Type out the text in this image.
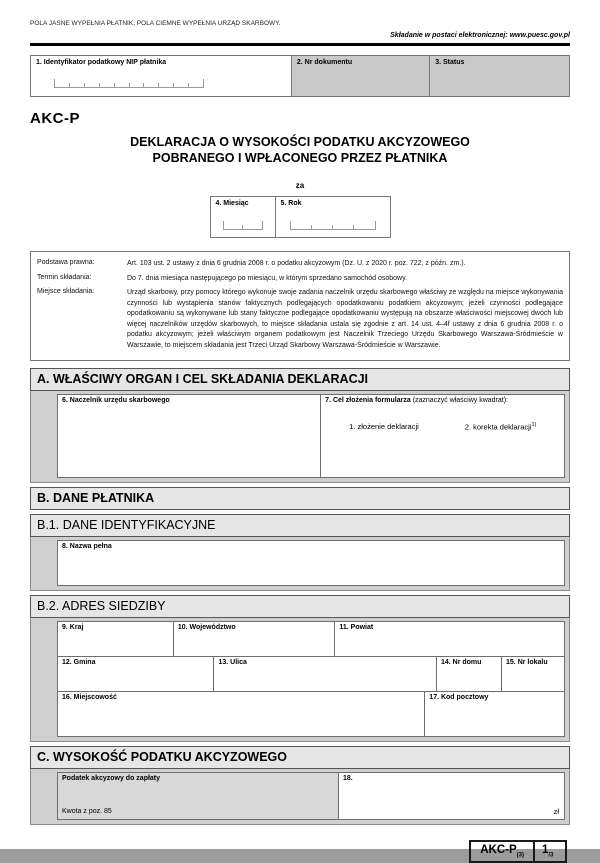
POLA JASNE WYPEŁNIA PŁATNIK, POLA CIEMNE WYPEŁNIA URZĄD SKARBOWY.
Składanie w postaci elektronicznej: www.puesc.gov.pl
1. Identyfikator podatkowy NIP płatnika	2. Nr dokumentu	3. Status
AKC-P
DEKLARACJA O WYSOKOŚCI PODATKU AKCYZOWEGO
POBRANEGO I WPŁACONEGO PRZEZ PŁATNIKA
za
4. Miesiąc	5. Rok
Podstawa prawna:	Art. 103 ust. 2 ustawy z dnia 6 grudnia 2008 r. o podatku akcyzowym (Dz. U. z 2020 r. poz. 722, z późn. zm.).
Termin składania:	Do 7. dnia miesiąca następującego po miesiącu, w którym sprzedano samochód osobowy.
Miejsce składania:	Urząd skarbowy, przy pomocy którego wykonuje swoje zadania naczelnik urzędu skarbowego właściwy ze względu na miejsce wykonywania czynności lub wystąpienia stanów faktycznych podlegających opodatkowaniu podatkiem akcyzowym; jeżeli czynności podlegające opodatkowaniu są wykonywane lub stany faktyczne podlegające opodatkowaniu występują na obszarze właściwości miejscowej dwóch lub więcej naczelników urzędów skarbowych, to miejsce składania ustala się zgodnie z art. 14 ust. 4–4f ustawy z dnia 6 grudnia 2008 r. o podatku akcyzowym; jeżeli właściwym organem podatkowym jest Naczelnik Trzeciego Urzędu Skarbowego Warszawa-Śródmieście w Warszawie, to miejscem składania jest Trzeci Urząd Skarbowy Warszawa-Śródmieście w Warszawie.
A. WŁAŚCIWY ORGAN I CEL SKŁADANIA DEKLARACJI
6. Naczelnik urzędu skarbowego	7. Cel złożenia formularza (zaznaczyć właściwy kwadrat):
1. złożenie deklaracji	2. korekta deklaracji$^{1)}$
B. DANE PŁATNIKA
B.1. DANE IDENTYFIKACYJNE
8. Nazwa pełna
B.2. ADRES SIEDZIBY
9. Kraj	10. Województwo	11. Powiat
12. Gmina	13. Ulica	14. Nr domu	15. Nr lokalu
16. Miejscowość	17. Kod pocztowy
C. WYSOKOŚĆ PODATKU AKCYZOWEGO
Podatek akcyzowy do zapłaty
Kwota z poz. 85
18.
zł
AKC-$P_{(3)}$	$1_{/3}$
